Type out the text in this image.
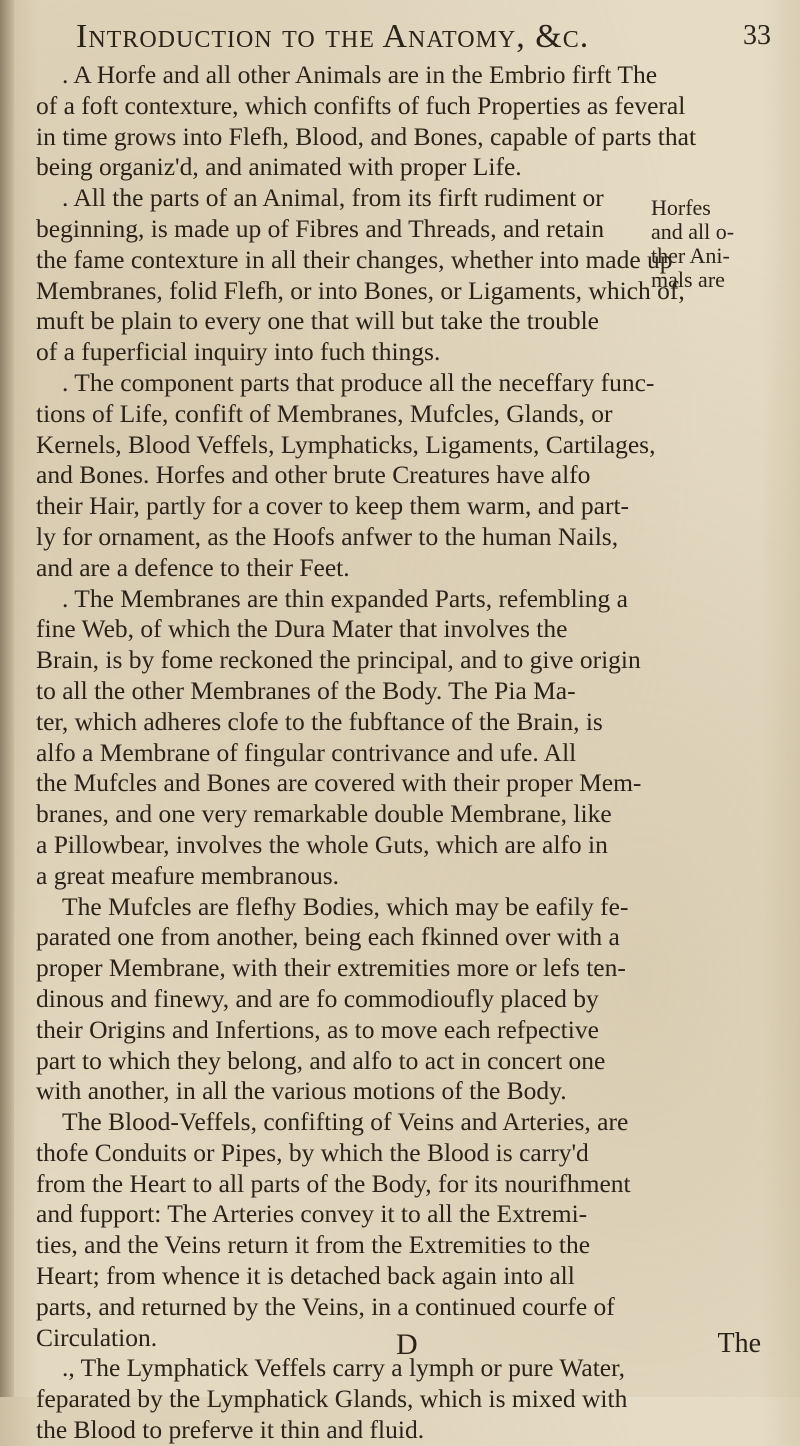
Introduction to the Anatomy, &c.	33
. A Horfe and all other Animals are in the Embrio firft The
of a foft contexture, which confifts of fuch Properties as feveral
in time grows into Flefh, Blood, and Bones, capable of parts that
being organiz'd, and animated with proper Life.
. All the parts of an Animal, from its firft rudiment or
beginning, is made up of Fibres and Threads, and retain
the fame contexture in all their changes, whether into made up
Membranes, folid Flefh, or into Bones, or Ligaments, which of,
muft be plain to every one that will but take the trouble
of a fuperficial inquiry into fuch things.
. The component parts that produce all the neceffary func-
tions of Life, confift of Membranes, Mufcles, Glands, or
Kernels, Blood Veffels, Lymphaticks, Ligaments, Cartilages,
and Bones. Horfes and other brute Creatures have alfo
their Hair, partly for a cover to keep them warm, and part-
ly for ornament, as the Hoofs anfwer to the human Nails,
and are a defence to their Feet.
. The Membranes are thin expanded Parts, refembling a
fine Web, of which the Dura Mater that involves the
Brain, is by fome reckoned the principal, and to give origin
to all the other Membranes of the Body. The Pia Ma-
ter, which adheres clofe to the fubftance of the Brain, is
alfo a Membrane of fingular contrivance and ufe. All
the Mufcles and Bones are covered with their proper Mem-
branes, and one very remarkable double Membrane, like
a Pillowbear, involves the whole Guts, which are alfo in
a great meafure membranous.
The Mufcles are flefhy Bodies, which may be eafily fe-
parated one from another, being each fkinned over with a
proper Membrane, with their extremities more or lefs ten-
dinous and finewy, and are fo commodioufly placed by
their Origins and Infertions, as to move each refpective
part to which they belong, and alfo to act in concert one
with another, in all the various motions of the Body.
The Blood-Veffels, confifting of Veins and Arteries, are
thofe Conduits or Pipes, by which the Blood is carry'd
from the Heart to all parts of the Body, for its nourifhment
and fupport: The Arteries convey it to all the Extremi-
ties, and the Veins return it from the Extremities to the
Heart; from whence it is detached back again into all
parts, and returned by the Veins, in a continued courfe of
Circulation.
., The Lymphatick Veffels carry a lymph or pure Water,
feparated by the Lymphatick Glands, which is mixed with
the Blood to preferve it thin and fluid.
Horfes
and all o-
ther Ani-
mals are
D	The
